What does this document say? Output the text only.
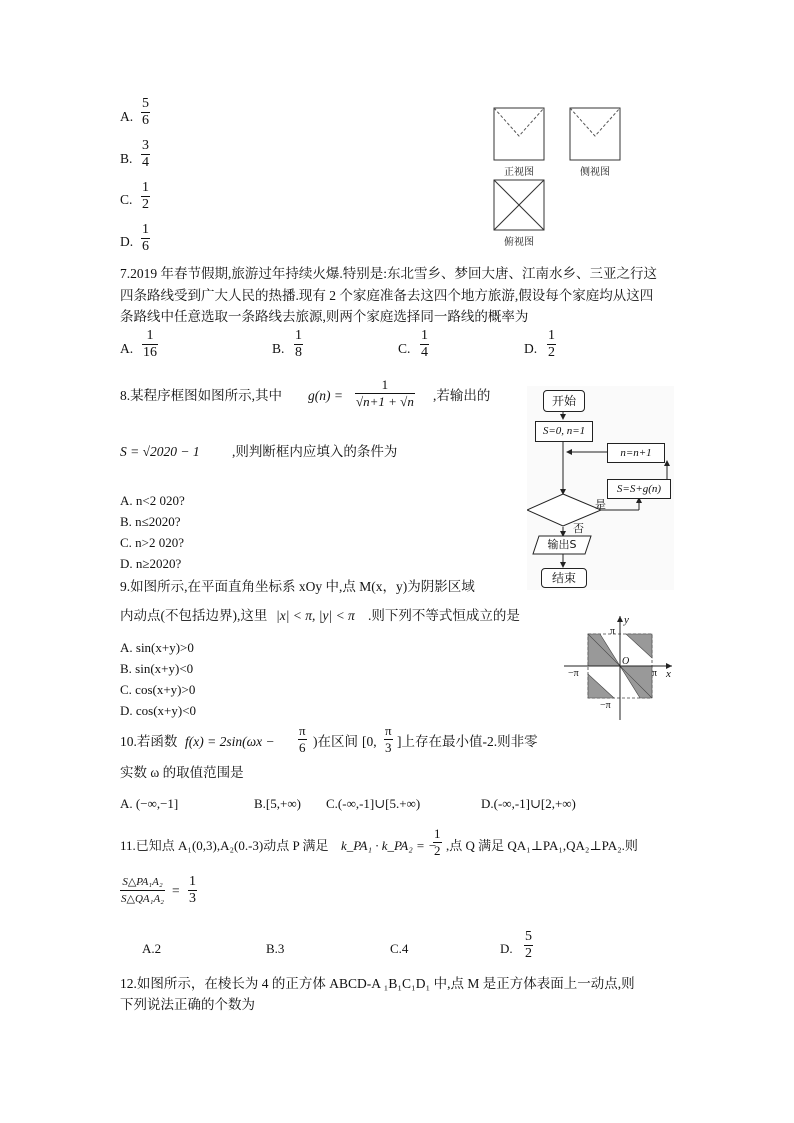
A.
5
6
B.
3
4
C.
1
2
D.
1
6
正视图	侧视图
俯视图
7.2019 年春节假期,旅游过年持续火爆.特别是:东北雪乡、梦回大唐、江南水乡、三亚之行这
四条路线受到广大人民的热播.现有 2 个家庭准备去这四个地方旅游,假设每个家庭均从这四
条路线中任意选取一条路线去旅源,则两个家庭选择同一路线的概率为
A.
1
16	B.
1
8	C.
1
4	D.
1
2
8.某程序框图如图所示,其中 g(n) =
1
√n+1 + √n ,若输出的
S = √2020 − 1 ,则判断框内应填入的条件为
A. n<2 020?
B. n≤2020?
C. n>2 020?
D. n≥2020?
开始
S=0, n=1
n=n+1
S=S+g(n)
是
否
输出S
结束
9.如图所示,在平面直角坐标系 xOy 中,点 M(x，y)为阴影区域
内动点(不包括边界),这里 |x| < π, |y| < π .则下列不等式恒成立的是
A. sin(x+y)>0
B. sin(x+y)<0
C. cos(x+y)>0
D. cos(x+y)<0
y
x
O
π
π
−π
−π
10.若函数 f(x) = 2sin(ωx −
π
6 )在区间 [0,
π
3 ]上存在最小值-2.则非零
实数 ω 的取值范围是
A. (−∞,−1]	B.[5,+∞) C.(-∞,-1]∪[5.+∞)	D.(-∞,-1]∪[2,+∞)
11.已知点 A₁(0,3),A₂(0.-3)动点 P 满足 k_PA₁ · k_PA₂ = −
1
2 ,点 Q 满足 QA₁⊥PA₁,QA₂⊥PA₂.则
S△PA₁A₂
S△QA₁A₂
=
1
3
A.2	B.3	C.4	D.
5
2
12.如图所示，在棱长为 4 的正方体 ABCD-A ₁B₁C₁D₁ 中,点 M 是正方体表面上一动点,则
下列说法正确的个数为
